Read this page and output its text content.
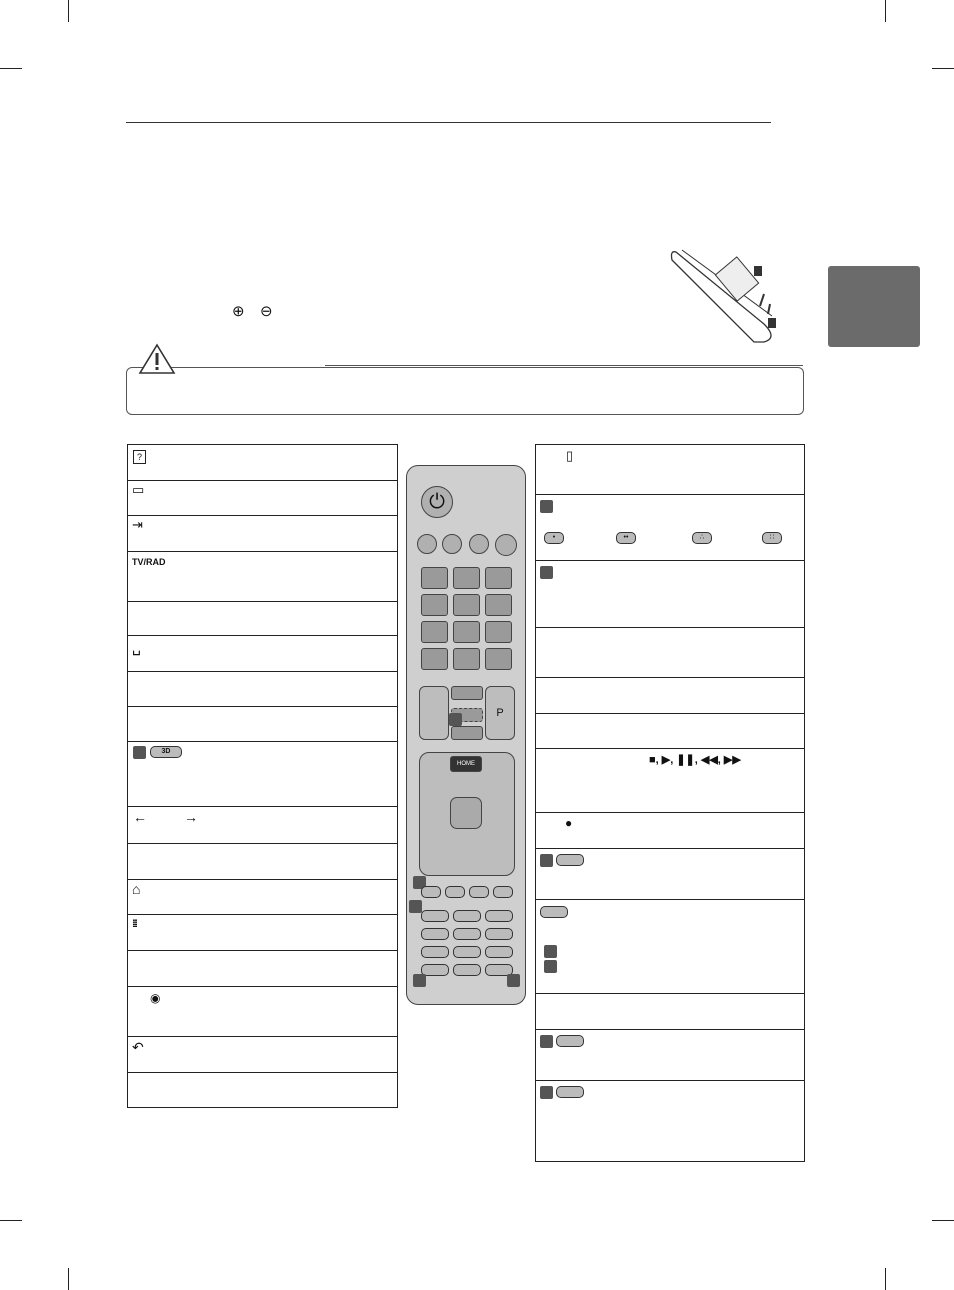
⊕ ⊖
?
▭
⇥
TV/RAD
␣
3D
←	→
⌂
⁞⁞⁞
◉
↶
⏻
P
HOME
▯
•	••	∴	∷
■, ▶, ❚❚, ◀◀, ▶▶
●
